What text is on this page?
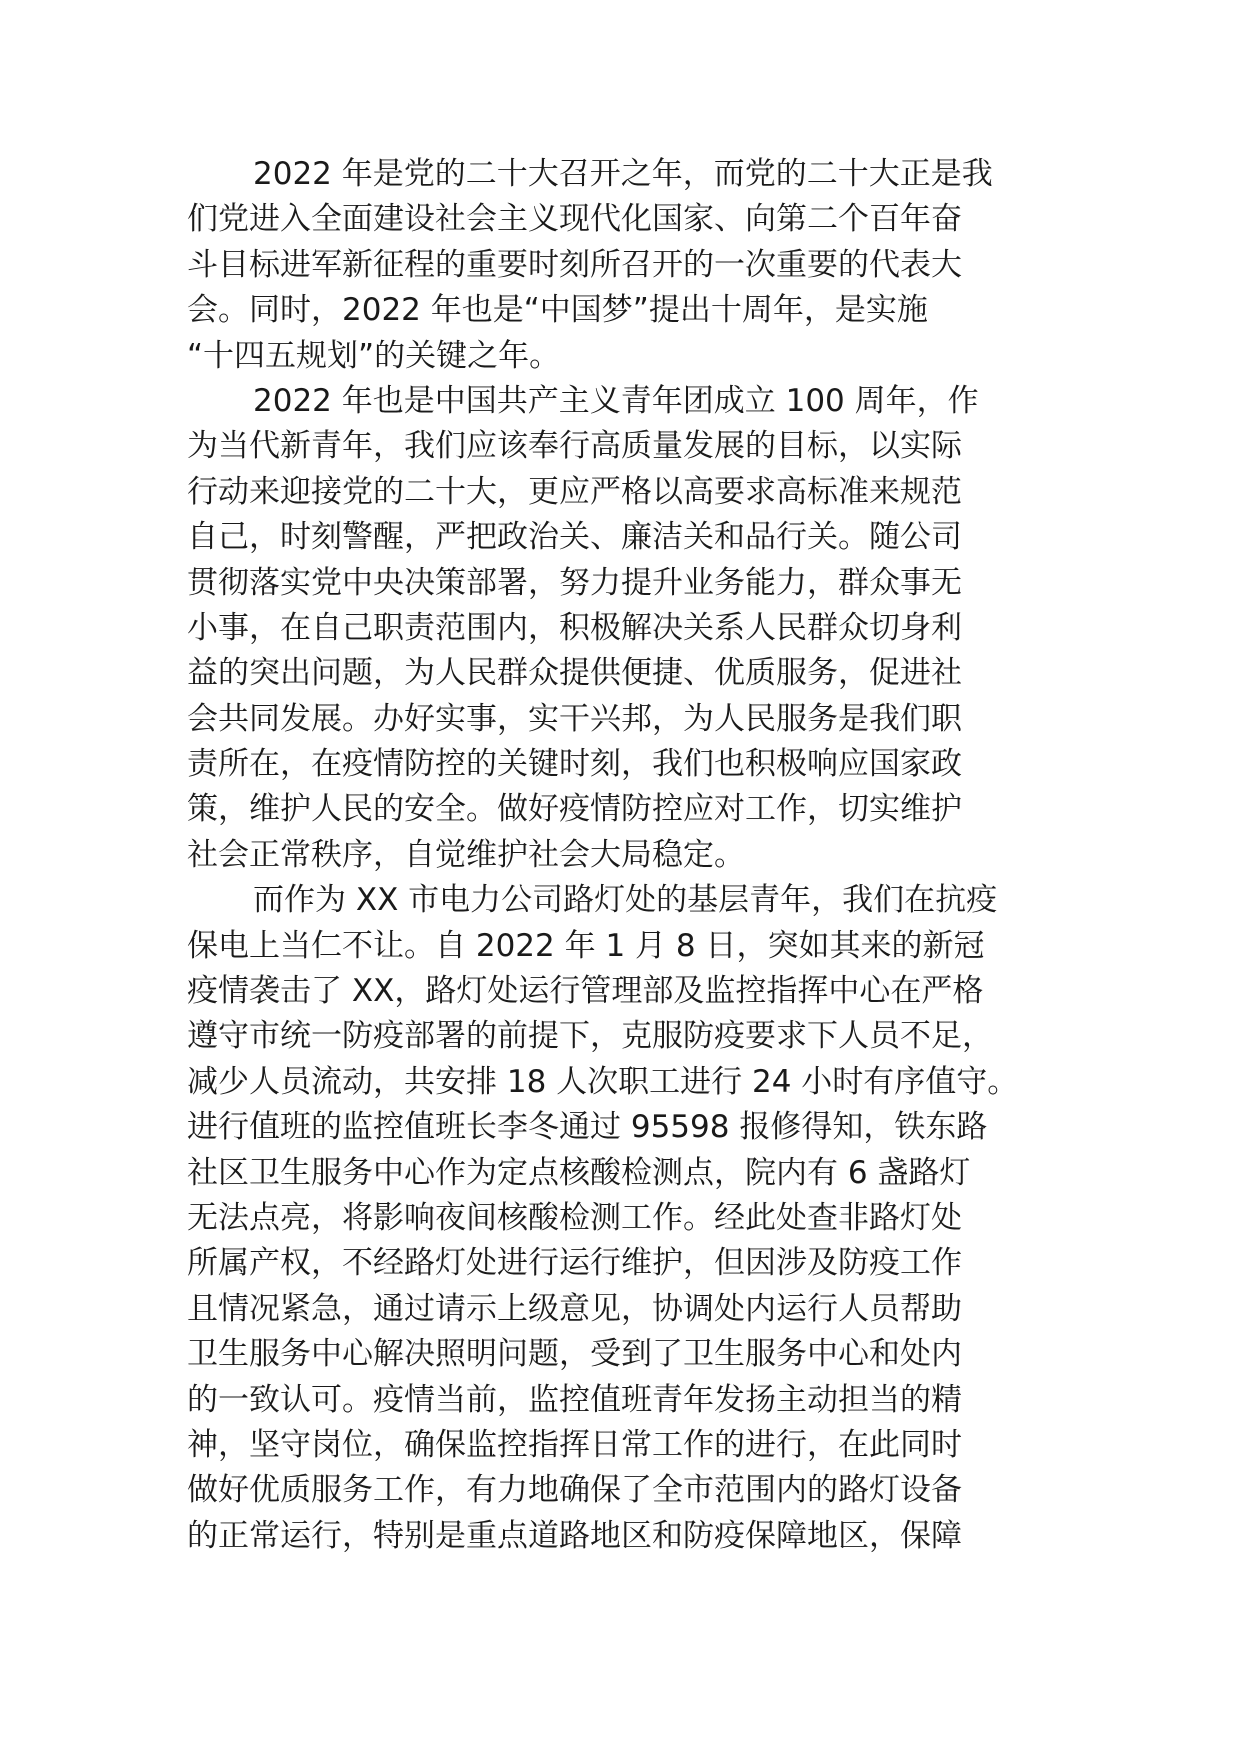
2022 年是党的二十大召开之年，而党的二十大正是我
们党进入全面建设社会主义现代化国家、向第二个百年奋
斗目标进军新征程的重要时刻所召开的一次重要的代表大
会。同时，2022 年也是“中国梦”提出十周年，是实施
“十四五规划”的关键之年。
2022 年也是中国共产主义青年团成立 100 周年，作
为当代新青年，我们应该奉行高质量发展的目标，以实际
行动来迎接党的二十大，更应严格以高要求高标准来规范
自己，时刻警醒，严把政治关、廉洁关和品行关。随公司
贯彻落实党中央决策部署，努力提升业务能力，群众事无
小事，在自己职责范围内，积极解决关系人民群众切身利
益的突出问题，为人民群众提供便捷、优质服务，促进社
会共同发展。办好实事，实干兴邦，为人民服务是我们职
责所在，在疫情防控的关键时刻，我们也积极响应国家政
策，维护人民的安全。做好疫情防控应对工作，切实维护
社会正常秩序，自觉维护社会大局稳定。
而作为 XX 市电力公司路灯处的基层青年，我们在抗疫
保电上当仁不让。自 2022 年 1 月 8 日，突如其来的新冠
疫情袭击了 XX，路灯处运行管理部及监控指挥中心在严格
遵守市统一防疫部署的前提下，克服防疫要求下人员不足，
减少人员流动，共安排 18 人次职工进行 24 小时有序值守。
进行值班的监控值班长李冬通过 95598 报修得知，铁东路
社区卫生服务中心作为定点核酸检测点，院内有 6 盏路灯
无法点亮，将影响夜间核酸检测工作。经此处查非路灯处
所属产权，不经路灯处进行运行维护，但因涉及防疫工作
且情况紧急，通过请示上级意见，协调处内运行人员帮助
卫生服务中心解决照明问题，受到了卫生服务中心和处内
的一致认可。疫情当前，监控值班青年发扬主动担当的精
神，坚守岗位，确保监控指挥日常工作的进行，在此同时
做好优质服务工作，有力地确保了全市范围内的路灯设备
的正常运行，特别是重点道路地区和防疫保障地区，保障
